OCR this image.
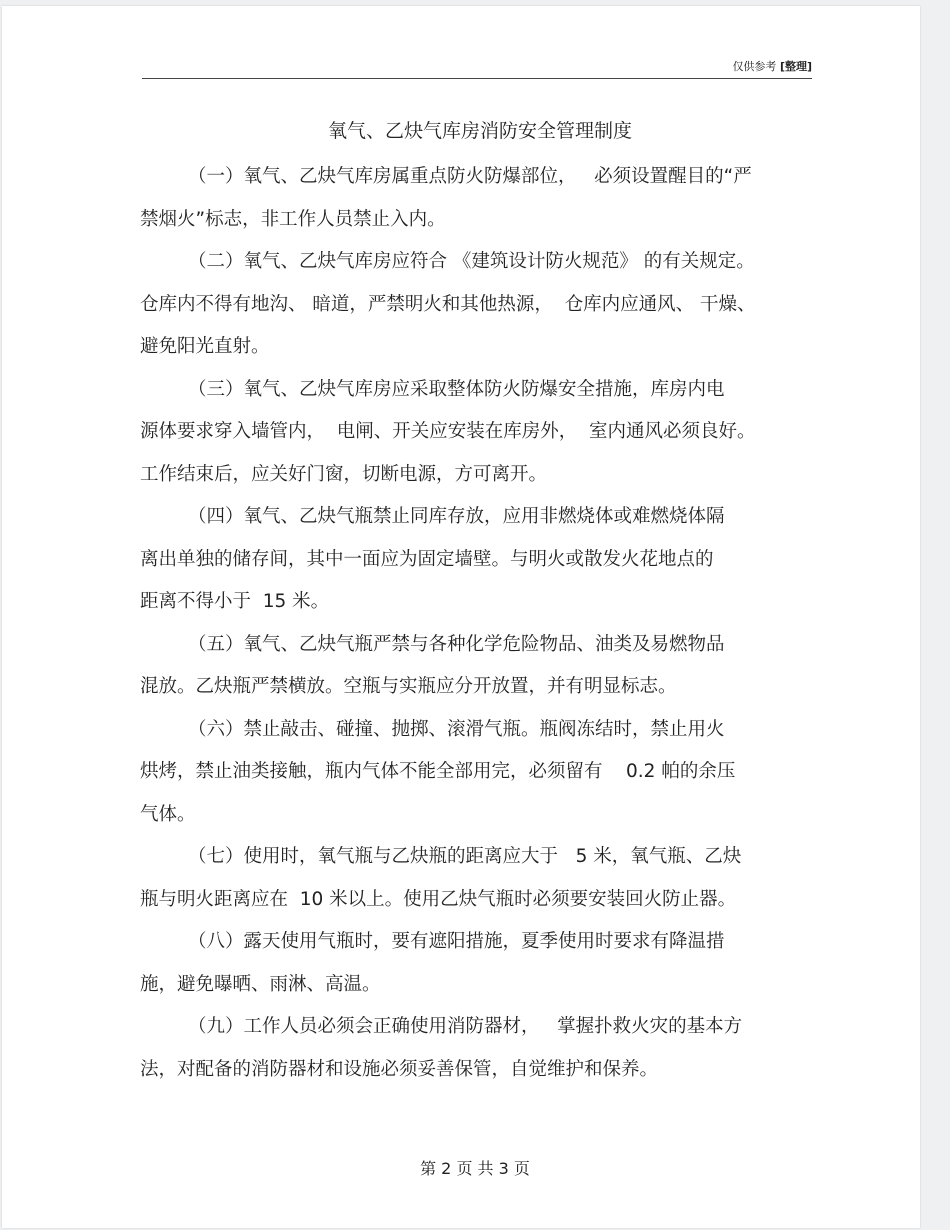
仅供参考 [整理]
氧气、乙炔气库房消防安全管理制度
（一）氧气、乙炔气库房属重点防火防爆部位，   必须设置醒目的“严
禁烟火”标志，非工作人员禁止入内。
（二）氧气、乙炔气库房应符合 《建筑设计防火规范》 的有关规定。
仓库内不得有地沟、 暗道，严禁明火和其他热源，  仓库内应通风、 干燥、
避免阳光直射。
（三）氧气、乙炔气库房应采取整体防火防爆安全措施，库房内电
源体要求穿入墙管内，  电闸、开关应安装在库房外，  室内通风必须良好。
工作结束后，应关好门窗，切断电源，方可离开。
（四）氧气、乙炔气瓶禁止同库存放，应用非燃烧体或难燃烧体隔
离出单独的储存间，其中一面应为固定墙壁。与明火或散发火花地点的
距离不得小于  15 米。
（五）氧气、乙炔气瓶严禁与各种化学危险物品、油类及易燃物品
混放。乙炔瓶严禁横放。空瓶与实瓶应分开放置，并有明显标志。
（六）禁止敲击、碰撞、抛掷、滚滑气瓶。瓶阀冻结时，禁止用火
烘烤，禁止油类接触，瓶内气体不能全部用完，必须留有    0.2 帕的余压
气体。
（七）使用时，氧气瓶与乙炔瓶的距离应大于   5 米，氧气瓶、乙炔
瓶与明火距离应在  10 米以上。使用乙炔气瓶时必须要安装回火防止器。
（八）露天使用气瓶时，要有遮阳措施，夏季使用时要求有降温措
施，避免曝晒、雨淋、高温。
（九）工作人员必须会正确使用消防器材，   掌握扑救火灾的基本方
法，对配备的消防器材和设施必须妥善保管，自觉维护和保养。
第 2 页 共 3 页
